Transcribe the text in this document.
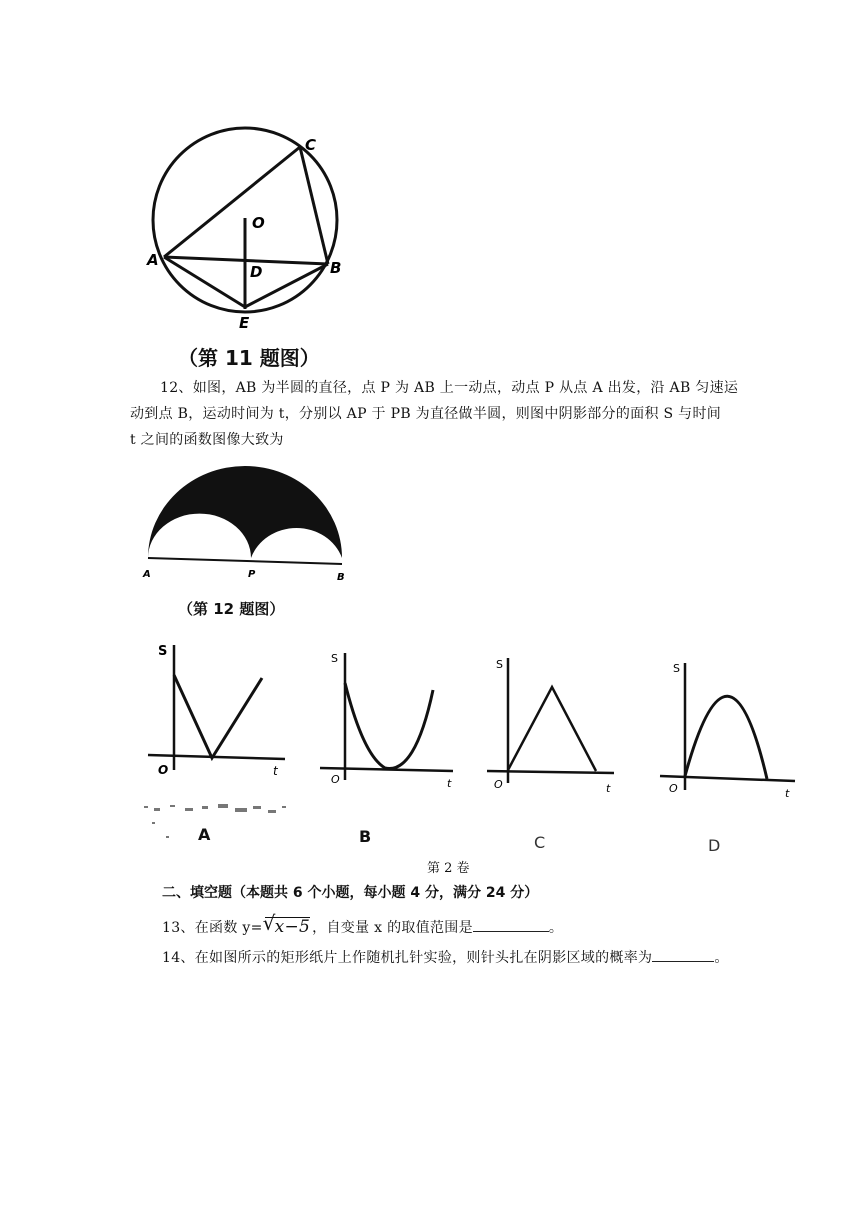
C
O
A
D	B
E
（第 11 题图）
12、如图，AB 为半圆的直径，点 P 为 AB 上一动点，动点 P 从点 A 出发，沿 AB 匀速运
动到点 B，运动时间为 t，分别以 AP 于 PB 为直径做半圆，则图中阴影部分的面积 S 与时间
t 之间的函数图像大致为
A	P	B
（第 12 题图）
S
t
O
A
S
t
O
B
S
t
O
C
S
t
O
D
第 2 卷
二、填空题（本题共 6 个小题，每小题 4 分，满分 24 分）
13、在函数 y= √
x−5 ，自变量 x 的取值范围是	。
14、在如图所示的矩形纸片上作随机扎针实验，则针头扎在阴影区域的概率为	。
